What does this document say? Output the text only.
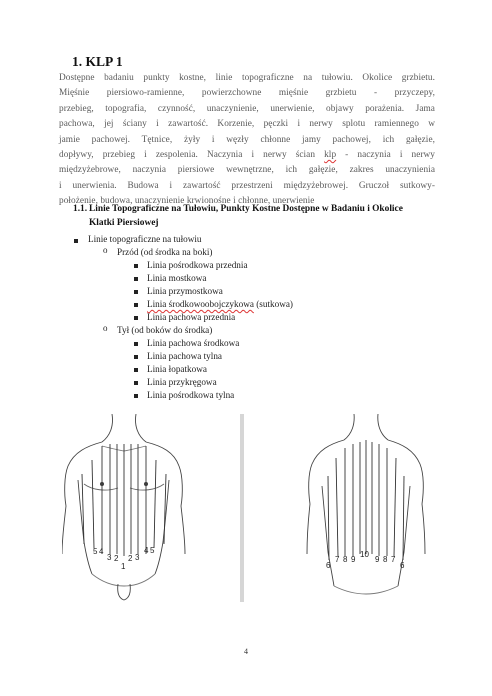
1. KLP 1
Dostępne badaniu punkty kostne, linie topograficzne na tułowiu. Okolice grzbietu.
Mięśnie piersiowo-ramienne, powierzchowne mięśnie grzbietu - przyczepy,
przebieg, topografia, czynność, unaczynienie, unerwienie, objawy porażenia. Jama
pachowa, jej ściany i zawartość. Korzenie, pęczki i nerwy splotu ramiennego w
jamie pachowej. Tętnice, żyły i węzły chłonne jamy pachowej, ich gałęzie,
dopływy, przebieg i zespolenia. Naczynia i nerwy ścian klp - naczynia i nerwy
międzyżebrowe, naczynia piersiowe wewnętrzne, ich gałęzie, zakres unaczynienia
i unerwienia. Budowa i zawartość przestrzeni międzyżebrowej. Gruczoł sutkowy-
położenie, budowa, unaczynienie krwionośne i chłonne, unerwienie
1.1. Linie Topograficzne na Tułowiu, Punkty Kostne Dostępne w Badaniu i Okolice
Klatki Piersiowej
Linie topograficzne na tułowiu
o Przód (od środka na boki)
Linia pośrodkowa przednia
Linia mostkowa
Linia przymostkowa
Linia środkowoobojczykowa (sutkowa)
Linia pachowa przednia
o Tył (od boków do środka)
Linia pachowa środkowa
Linia pachowa tylna
Linia łopatkowa
Linia przykręgowa
Linia pośrodkowa tylna
5 4
3 2 2 3
4 5
1	6
7 8 9
10
9 8 7
6
4
